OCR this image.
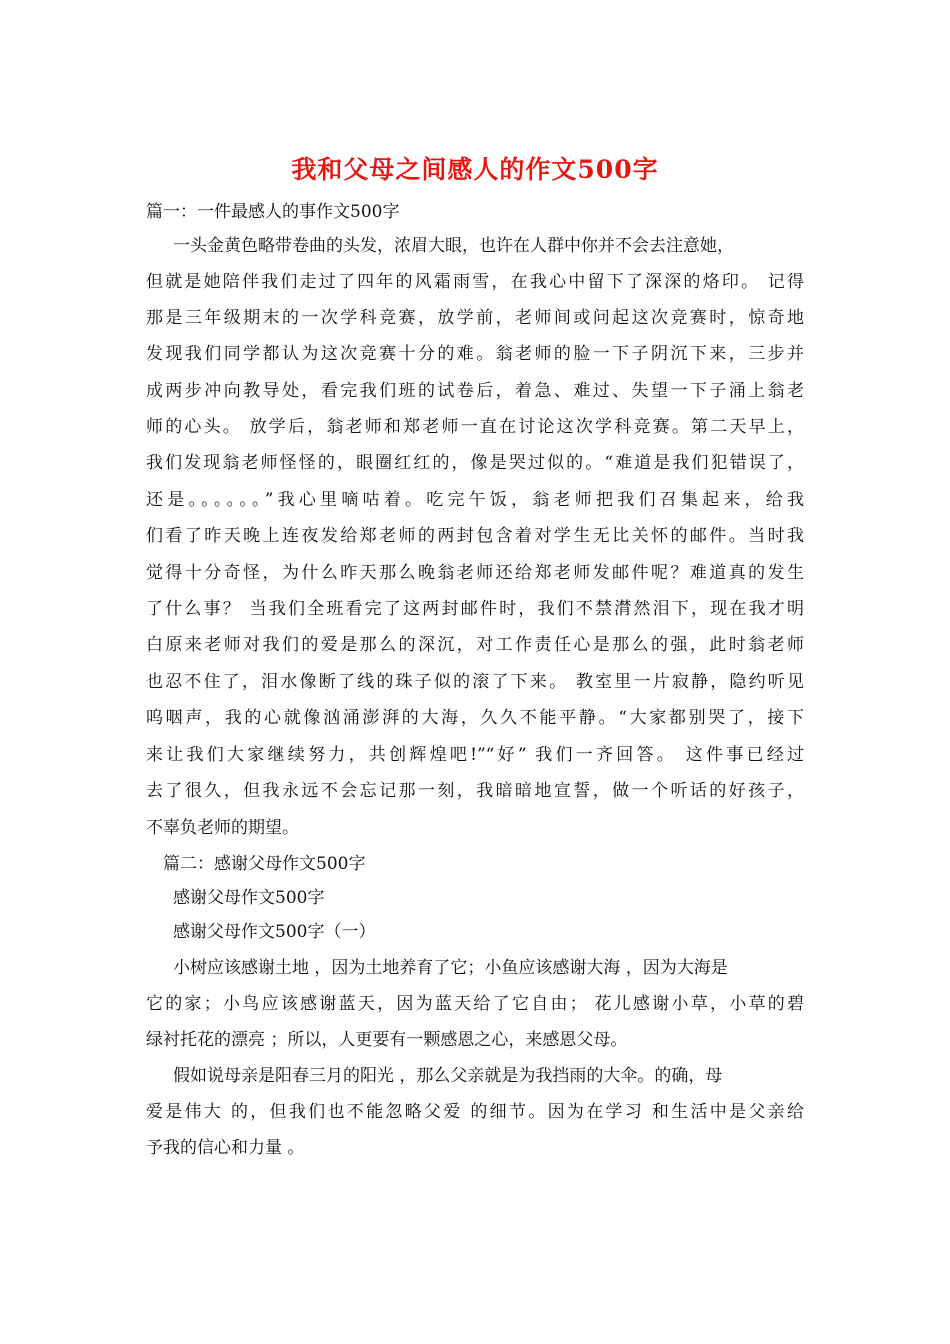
我和父母之间感人的作文500字
篇一：一件最感人的事作文500字
一头金黄色略带卷曲的头发，浓眉大眼，也许在人群中你并不会去注意她，
但就是她陪伴我们走过了四年的风霜雨雪，在我心中留下了深深的烙印。 记得
那是三年级期末的一次学科竞赛，放学前，老师间或问起这次竞赛时，惊奇地
发现我们同学都认为这次竞赛十分的难。翁老师的脸一下子阴沉下来，三步并
成两步冲向教导处，看完我们班的试卷后，着急、难过、失望一下子涌上翁老
师的心头。 放学后，翁老师和郑老师一直在讨论这次学科竞赛。第二天早上，
我们发现翁老师怪怪的，眼圈红红的，像是哭过似的。“难道是我们犯错误了，
还是。。。。。。”我心里嘀咕着。吃完午饭，翁老师把我们召集起来，给我
们看了昨天晚上连夜发给郑老师的两封包含着对学生无比关怀的邮件。当时我
觉得十分奇怪，为什么昨天那么晚翁老师还给郑老师发邮件呢？难道真的发生
了什么事？ 当我们全班看完了这两封邮件时，我们不禁潸然泪下，现在我才明
白原来老师对我们的爱是那么的深沉，对工作责任心是那么的强，此时翁老师
也忍不住了，泪水像断了线的珠子似的滚了下来。 教室里一片寂静，隐约听见
呜咽声，我的心就像汹涌澎湃的大海，久久不能平静。“大家都别哭了，接下
来让我们大家继续努力，共创辉煌吧!”“好” 我们一齐回答。 这件事已经过
去了很久，但我永远不会忘记那一刻，我暗暗地宣誓，做一个听话的好孩子，
不辜负老师的期望。
篇二：感谢父母作文500字
感谢父母作文500字
感谢父母作文500字（一）
小树应该感谢土地 ，因为土地养育了它；小鱼应该感谢大海 ，因为大海是
它的家；小鸟应该感谢蓝天，因为蓝天给了它自由； 花儿感谢小草，小草的碧
绿衬托花的漂亮 ；所以，人更要有一颗感恩之心，来感恩父母。
假如说母亲是阳春三月的阳光 ，那么父亲就是为我挡雨的大伞。的确，母
爱是伟大 的，但我们也不能忽略父爱 的细节。因为在学习 和生活中是父亲给
予我的信心和力量 。
